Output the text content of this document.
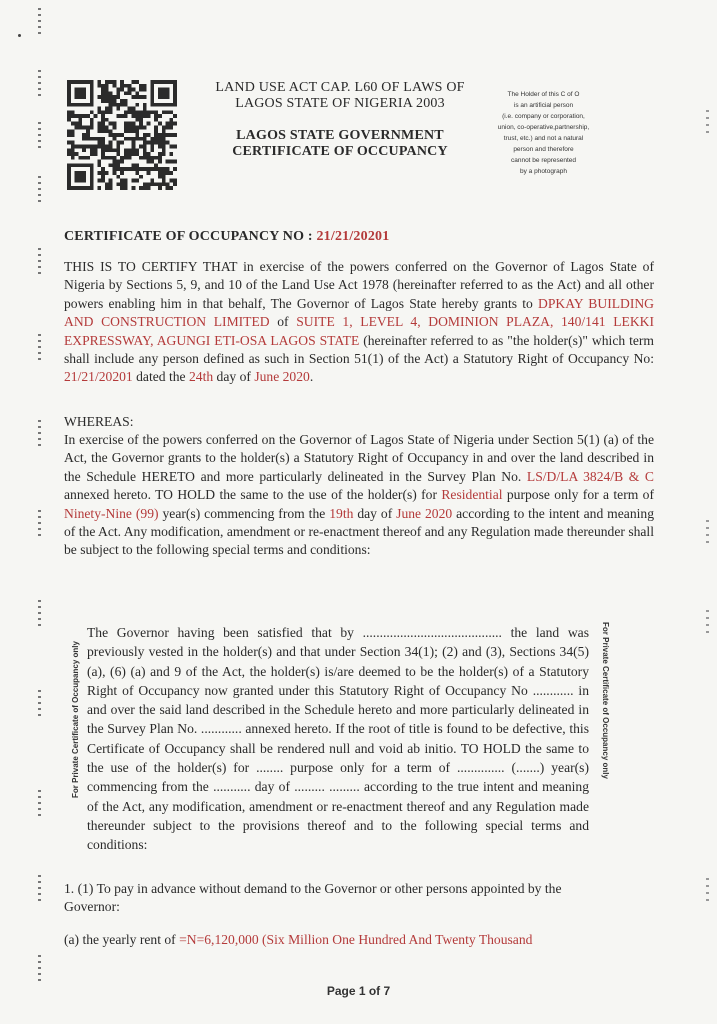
LAND USE ACT CAP. L60 OF LAWS OF
LAGOS STATE OF NIGERIA 2003
LAGOS STATE GOVERNMENT
CERTIFICATE OF OCCUPANCY
The Holder of this C of O
is an artificial person
(i.e. company or corporation,
union, co-operative,partnership,
trust, etc.) and not a natural
person and therefore
cannot be represented
by a photograph
CERTIFICATE OF OCCUPANCY NO : 21/21/20201
THIS IS TO CERTIFY THAT in exercise of the powers conferred on the Governor of Lagos State of Nigeria by Sections 5, 9, and 10 of the Land Use Act 1978 (hereinafter referred to as the Act) and all other powers enabling him in that behalf, The Governor of Lagos State hereby grants to DPKAY BUILDING AND CONSTRUCTION LIMITED of SUITE 1, LEVEL 4, DOMINION PLAZA, 140/141 LEKKI EXPRESSWAY, AGUNGI ETI-OSA LAGOS STATE (hereinafter referred to as "the holder(s)" which term shall include any person defined as such in Section 51(1) of the Act) a Statutory Right of Occupancy No: 21/21/20201 dated the 24th day of June 2020.
WHEREAS:
In exercise of the powers conferred on the Governor of Lagos State of Nigeria under Section 5(1) (a) of the Act, the Governor grants to the holder(s) a Statutory Right of Occupancy in and over the land described in the Schedule HERETO and more particularly delineated in the Survey Plan No. LS/D/LA 3824/B & C annexed hereto. TO HOLD the same to the use of the holder(s) for Residential purpose only for a term of Ninety-Nine (99) year(s) commencing from the 19th day of June 2020 according to the intent and meaning of the Act. Any modification, amendment or re-enactment thereof and any Regulation made thereunder shall be subject to the following special terms and conditions:
For Private Certificate of Occupancy only	For Private Certificate of Occupancy only
The Governor having been satisfied that by ......................................... the land was previously vested in the holder(s) and that under Section 34(1); (2) and (3), Sections 34(5) (a), (6) (a) and 9 of the Act, the holder(s) is/are deemed to be the holder(s) of a Statutory Right of Occupancy now granted under this Statutory Right of Occupancy No ............ in and over the said land described in the Schedule hereto and more particularly delineated in the Survey Plan No. ............ annexed hereto. If the root of title is found to be defective, this Certificate of Occupancy shall be rendered null and void ab initio. TO HOLD the same to the use of the holder(s) for ........ purpose only for a term of .............. (.......) year(s) commencing from the ........... day of ......... ......... according to the true intent and meaning of the Act, any modification, amendment or re-enactment thereof and any Regulation made thereunder subject to the provisions thereof and to the following special terms and conditions:
1. (1) To pay in advance without demand to the Governor or other persons appointed by the Governor:
(a) the yearly rent of =N=6,120,000 (Six Million One Hundred And Twenty Thousand
Page 1 of 7
